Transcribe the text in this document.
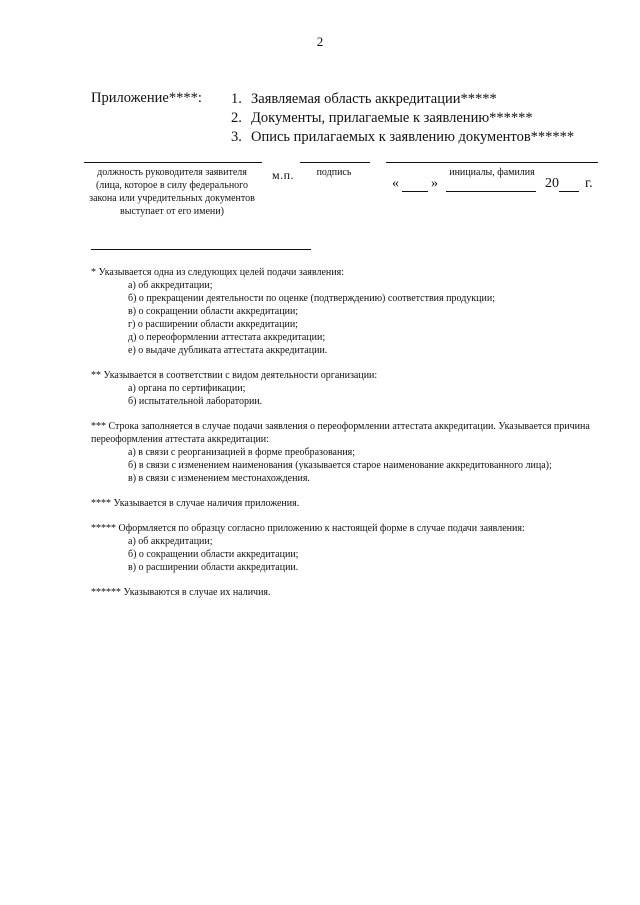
2
Приложение****: 1. Заявляемая область аккредитации*****
2. Документы, прилагаемые к заявлению******
3. Опись прилагаемых к заявлению документов******
должность руководителя заявителя (лица, которое в силу федерального закона или учредительных документов выступает от его имени)
м.п.	подпись	инициалы, фамилия
« »	20 г.

* Указывается одна из следующих целей подачи заявления:

а) об аккредитации;
б) о прекращении деятельности по оценке (подтверждению) соответствия продукции;
в) о сокращении области аккредитации;
г) о расширении области аккредитации;
д) о переоформлении аттестата аккредитации;
е) о выдаче дубликата аттестата аккредитации.

** Указывается в соответствии с видом деятельности организации:

а) органа по сертификации;
б) испытательной лаборатории.

*** Строка заполняется в случае подачи заявления о переоформлении аттестата аккредитации. Указывается причина переоформления аттестата аккредитации:

а) в связи с реорганизацией в форме преобразования;
б) в связи с изменением наименования (указывается старое наименование аккредитованного лица);
в) в связи с изменением местонахождения.

**** Указывается в случае наличия приложения.

***** Оформляется по образцу согласно приложению к настоящей форме в случае подачи заявления:

а) об аккредитации;
б) о сокращении области аккредитации;
в) о расширении области аккредитации.

****** Указываются в случае их наличия.
